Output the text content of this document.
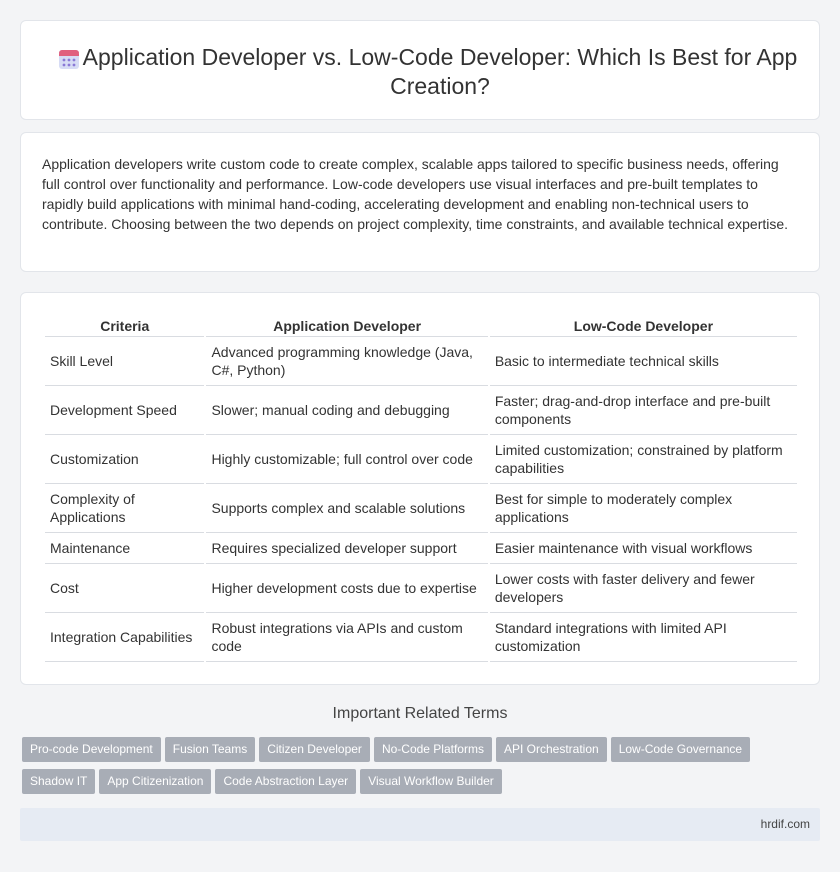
Application Developer vs. Low-Code Developer: Which Is Best for App Creation?

Application developers write custom code to create complex, scalable apps tailored to specific business needs, offering full control over functionality and performance. Low-code developers use visual interfaces and pre-built templates to rapidly build applications with minimal hand-coding, accelerating development and enabling non-technical users to contribute. Choosing between the two depends on project complexity, time constraints, and available technical expertise.

Criteria	Application Developer	Low-Code Developer
Skill Level	Advanced programming knowledge (Java, C#, Python)	Basic to intermediate technical skills
Development Speed	Slower; manual coding and debugging	Faster; drag-and-drop interface and pre-built components
Customization	Highly customizable; full control over code	Limited customization; constrained by platform capabilities
Complexity of Applications	Supports complex and scalable solutions	Best for simple to moderately complex applications
Maintenance	Requires specialized developer support	Easier maintenance with visual workflows
Cost	Higher development costs due to expertise	Lower costs with faster delivery and fewer developers
Integration Capabilities	Robust integrations via APIs and custom code	Standard integrations with limited API customization
Important Related Terms
Pro-code Development Fusion Teams Citizen Developer No-Code Platforms API Orchestration Low-Code Governance
Shadow IT App Citizenization Code Abstraction Layer Visual Workflow Builder
hrdif.com
